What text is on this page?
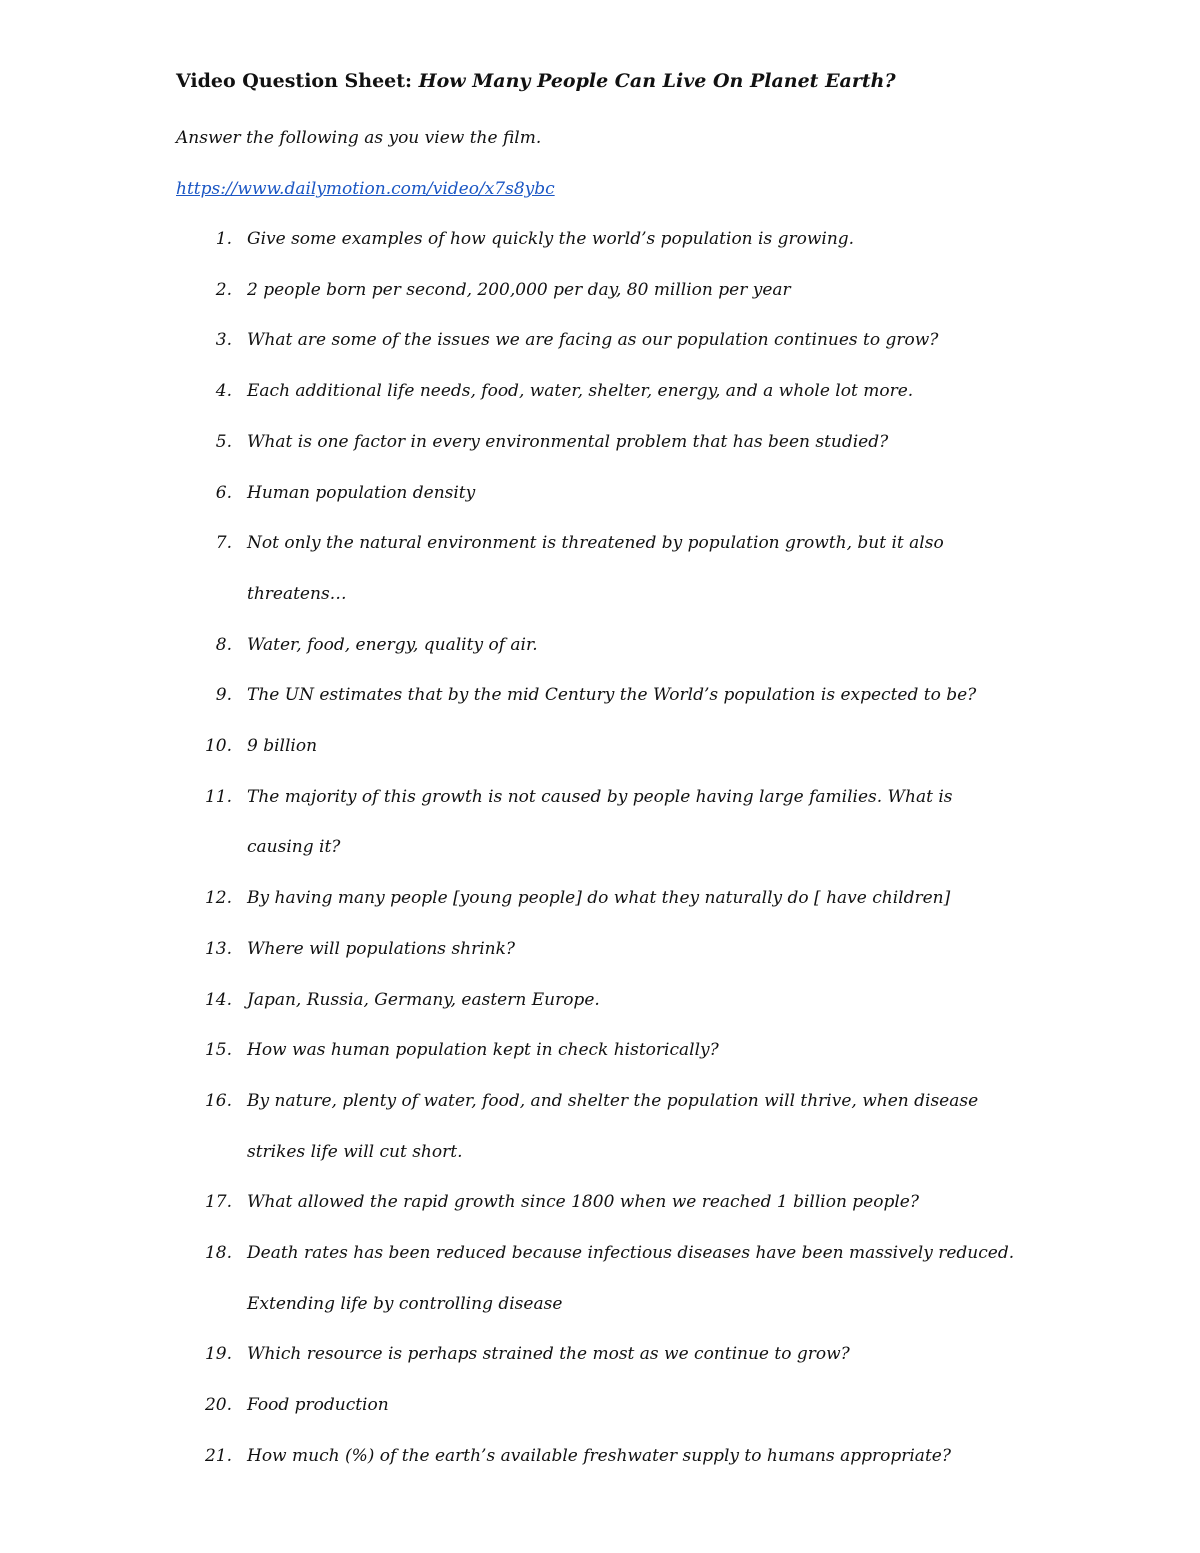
Video Question Sheet: How Many People Can Live On Planet Earth?
Answer the following as you view the film.
https://www.dailymotion.com/video/x7s8ybc
1. Give some examples of how quickly the world’s population is growing.
2. 2 people born per second, 200,000 per day, 80 million per year
3. What are some of the issues we are facing as our population continues to grow?
4. Each additional life needs, food, water, shelter, energy, and a whole lot more.
5. What is one factor in every environmental problem that has been studied?
6. Human population density
7. Not only the natural environment is threatened by population growth, but it also
threatens…
8. Water, food, energy, quality of air.
9. The UN estimates that by the mid Century the World’s population is expected to be?
10. 9 billion
11. The majority of this growth is not caused by people having large families. What is
causing it?
12. By having many people [young people] do what they naturally do [ have children]
13. Where will populations shrink?
14. Japan, Russia, Germany, eastern Europe.
15. How was human population kept in check historically?
16. By nature, plenty of water, food, and shelter the population will thrive, when disease
strikes life will cut short.
17. What allowed the rapid growth since 1800 when we reached 1 billion people?
18. Death rates has been reduced because infectious diseases have been massively reduced.
Extending life by controlling disease
19. Which resource is perhaps strained the most as we continue to grow?
20. Food production
21. How much (%) of the earth’s available freshwater supply to humans appropriate?
